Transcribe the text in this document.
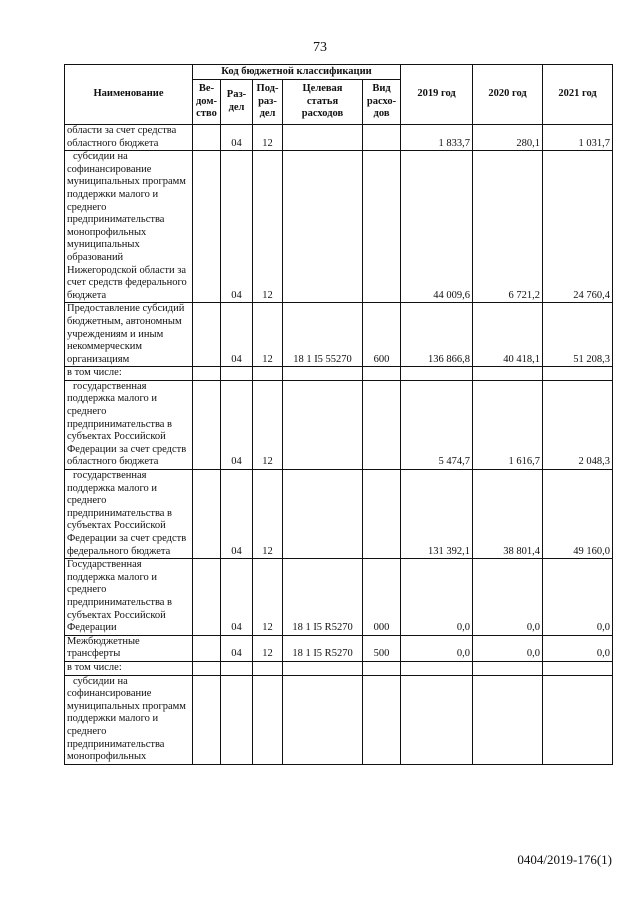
73
Наименование	Код бюджетной классификации					2019 год	2020 год	2021 год
	Ве-
дом-
ство	Раз-
дел	Под-
раз-
дел	Целевая
статья
расходов	Вид
расхо-
дов			
области за счет средства областного бюджета		04	12			1 833,7	280,1	1 031,7
субсидии на софинансирование муниципальных программ поддержки малого и среднего предпринимательства монопрофильных муниципальных образований Нижегородской области за счет средств федерального бюджета		04	12			44 009,6	6 721,2	24 760,4
Предоставление субсидий бюджетным, автономным учреждениям и иным некоммерческим организациям		04	12	18 1 I5 55270	600	136 866,8	40 418,1	51 208,3
в том числе:								
государственная поддержка малого и среднего предпринимательства в субъектах Российской Федерации за счет средств областного бюджета		04	12			5 474,7	1 616,7	2 048,3
государственная поддержка малого и среднего предпринимательства в субъектах Российской Федерации за счет средств федерального бюджета		04	12			131 392,1	38 801,4	49 160,0
Государственная поддержка малого и среднего предпринимательства в субъектах Российской Федерации		04	12	18 1 I5 R5270	000	0,0	0,0	0,0
Межбюджетные трансферты		04	12	18 1 I5 R5270	500	0,0	0,0	0,0
в том числе:								
субсидии на софинансирование муниципальных программ поддержки малого и среднего предпринимательства монопрофильных								
0404/2019-176(1)
